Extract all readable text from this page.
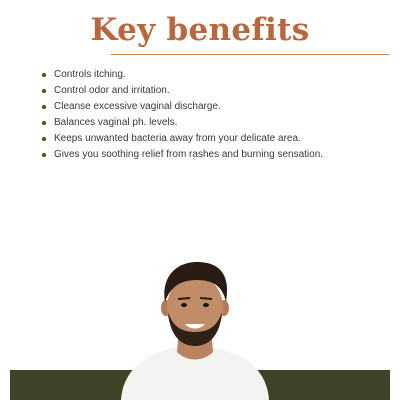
Key benefits
Controls itching.
Control odor and irritation.
Cleanse excessive vaginal discharge.
Balances vaginal ph. levels.
Keeps unwanted bacteria away from your delicate area.
Gives you soothing relief from rashes and burning sensation.
